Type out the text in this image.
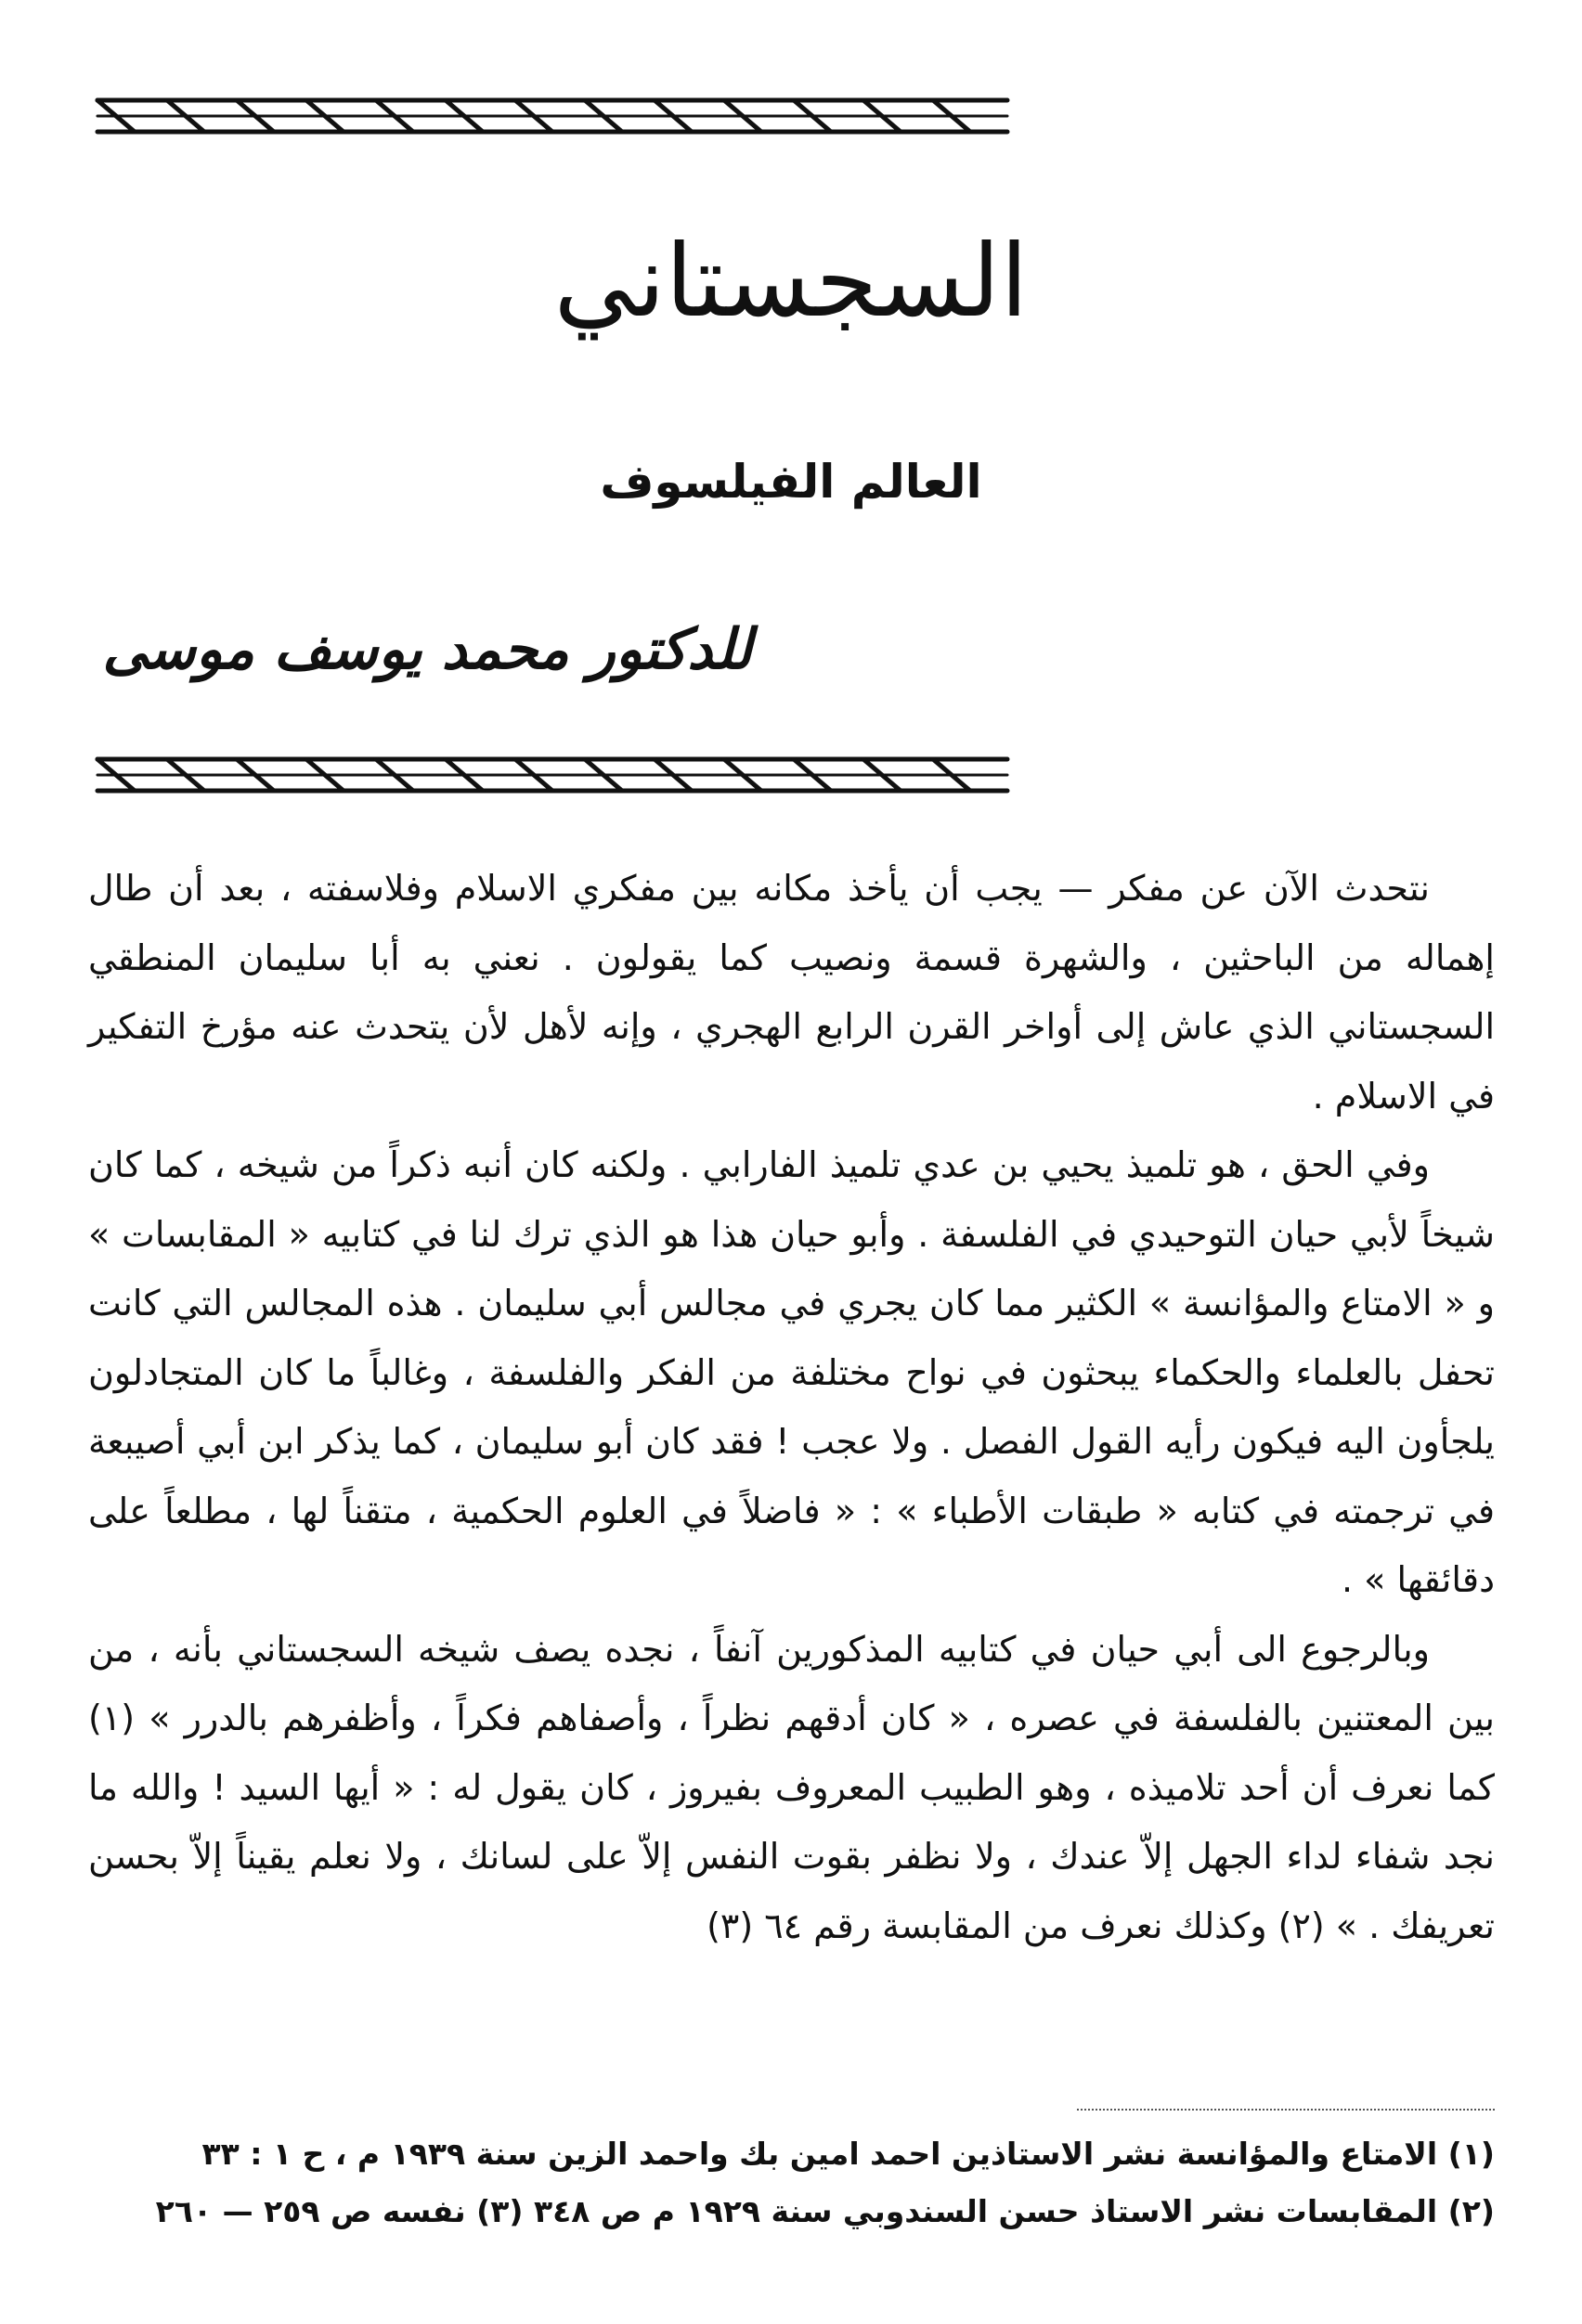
السجستاني
العالم الفيلسوف
للدكتور محمد يوسف موسى

نتحدث الآن عن مفكر — يجب أن يأخذ مكانه بين مفكري الاسلام وفلاسفته ، بعد أن طال إهماله من الباحثين ، والشهرة قسمة ونصيب كما يقولون . نعني به أبا سليمان المنطقي السجستاني الذي عاش إلى أواخر القرن الرابع الهجري ، وإنه لأهل لأن يتحدث عنه مؤرخ التفكير في الاسلام .

وفي الحق ، هو تلميذ يحيي بن عدي تلميذ الفارابي . ولكنه كان أنبه ذكراً من شيخه ، كما كان شيخاً لأبي حيان التوحيدي في الفلسفة . وأبو حيان هذا هو الذي ترك لنا في كتابيه « المقابسات » و « الامتاع والمؤانسة » الكثير مما كان يجري في مجالس أبي سليمان . هذه المجالس التي كانت تحفل بالعلماء والحكماء يبحثون في نواح مختلفة من الفكر والفلسفة ، وغالباً ما كان المتجادلون يلجأون اليه فيكون رأيه القول الفصل . ولا عجب ! فقد كان أبو سليمان ، كما يذكر ابن أبي أصيبعة في ترجمته في كتابه « طبقات الأطباء » : « فاضلاً في العلوم الحكمية ، متقناً لها ، مطلعاً على دقائقها » .

وبالرجوع الى أبي حيان في كتابيه المذكورين آنفاً ، نجده يصف شيخه السجستاني بأنه ، من بين المعتنين بالفلسفة في عصره ، « كان أدقهم نظراً ، وأصفاهم فكراً ، وأظفرهم بالدرر » (١) كما نعرف أن أحد تلاميذه ، وهو الطبيب المعروف بفيروز ، كان يقول له : « أيها السيد ! والله ما نجد شفاء لداء الجهل إلاّ عندك ، ولا نظفر بقوت النفس إلاّ على لسانك ، ولا نعلم يقيناً إلاّ بحسن تعريفك . » (٢) وكذلك نعرف من المقابسة رقم ٦٤ (٣)

(١) الامتاع والمؤانسة نشر الاستاذين احمد امين بك واحمد الزين سنة ١٩٣٩ م ، ح ١ : ٣٣

(٢) المقابسات نشر الاستاذ حسن السندوبي سنة ١٩٢٩ م ص ٣٤٨ (٣) نفسه ص ٢٥٩ — ٢٦٠
